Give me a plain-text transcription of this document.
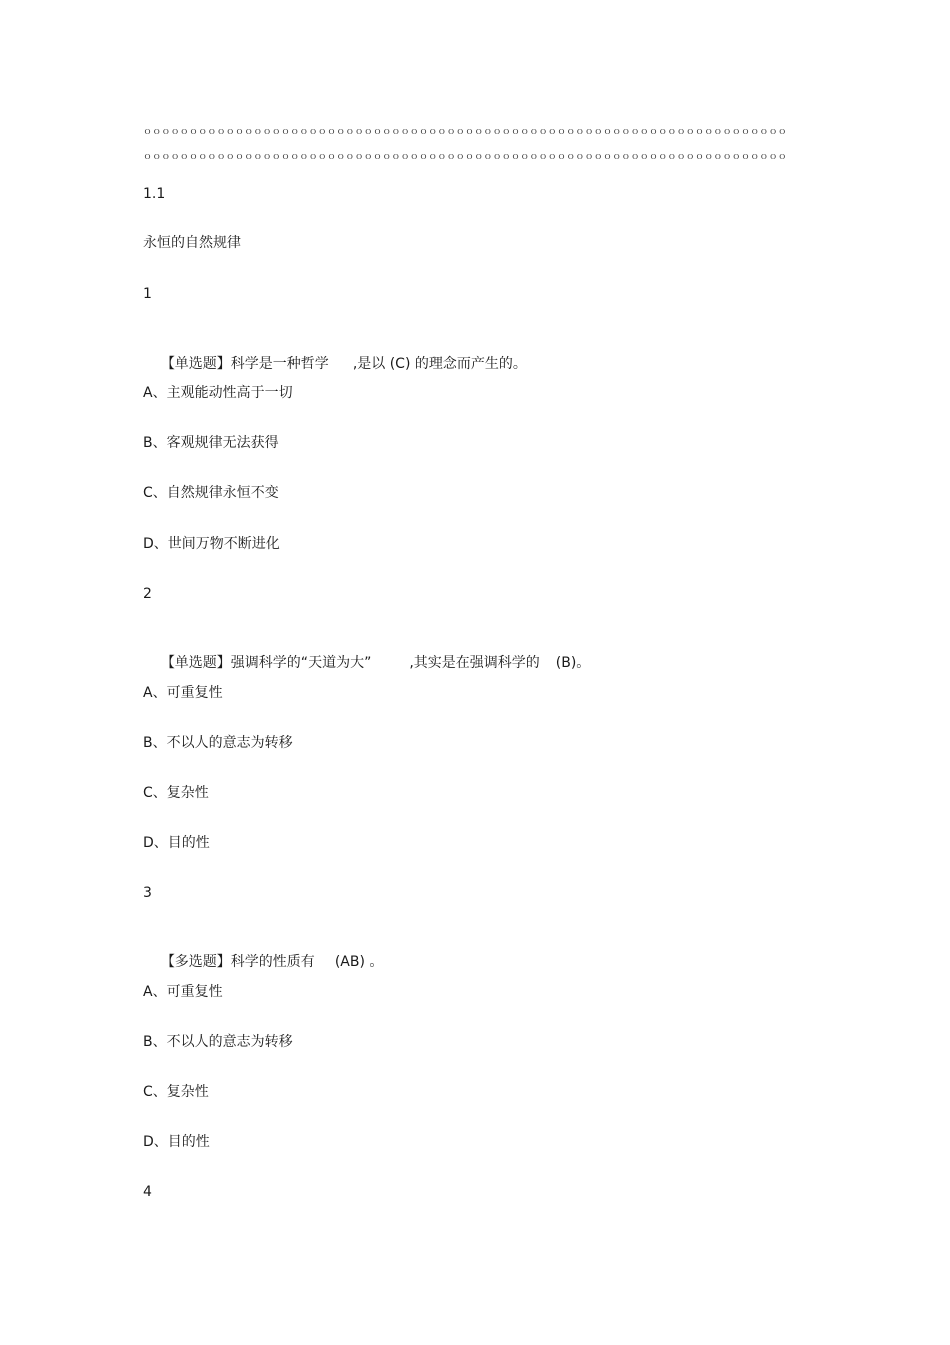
ｏｏｏｏｏｏｏｏｏｏｏｏｏｏｏｏｏｏｏｏｏｏｏｏｏｏｏｏｏｏｏｏｏｏｏｏｏｏｏｏｏｏｏｏｏｏｏｏｏｏｏｏｏｏｏｏｏｏｏｏｏｏｏｏｏｏｏｏｏｏ
ｏｏｏｏｏｏｏｏｏｏｏｏｏｏｏｏｏｏｏｏｏｏｏｏｏｏｏｏｏｏｏｏｏｏｏｏｏｏｏｏｏｏｏｏｏｏｏｏｏｏｏｏｏｏｏｏｏｏｏｏｏｏｏｏｏｏｏｏｏｏ
1.1
永恒的自然规律
1

【单选题】科学是一种哲学 ,是以 (C) 的理念而产生的。

A、主观能动性高于一切
B、客观规律无法获得
C、自然规律永恒不变
D、世间万物不断进化
2

【单选题】强调科学的“天道为大”	,其实是在强调科学的 (B)。

A、可重复性
B、不以人的意志为转移
C、复杂性
D、目的性
3

【多选题】科学的性质有 (AB) 。

A、可重复性
B、不以人的意志为转移
C、复杂性
D、目的性
4
